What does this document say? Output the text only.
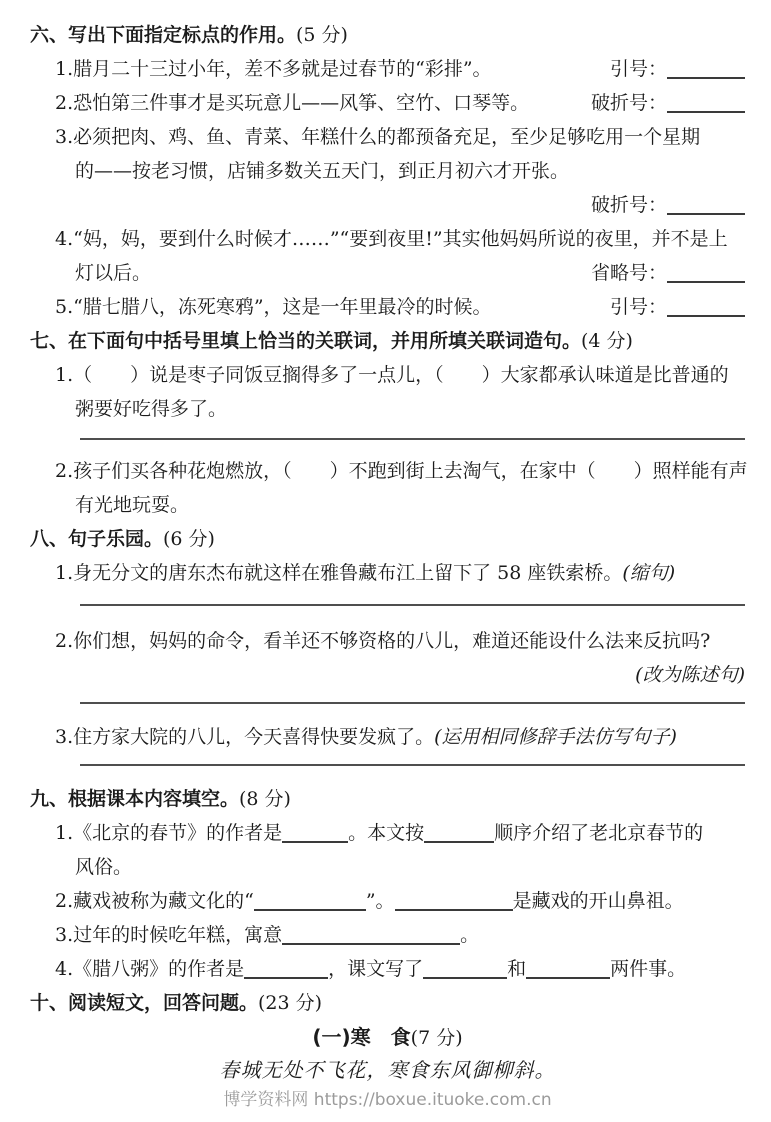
六、写出下面指定标点的作用。(5 分)
1.腊月二十三过小年，差不多就是过春节的“彩排”。	引号：
2.恐怕第三件事才是买玩意儿——风筝、空竹、口琴等。	破折号：
3.必须把肉、鸡、鱼、青菜、年糕什么的都预备充足，至少足够吃用一个星期
的——按老习惯，店铺多数关五天门，到正月初六才开张。
破折号：
4.“妈，妈，要到什么时候才……”“要到夜里!”其实他妈妈所说的夜里，并不是上
灯以后。	省略号：
5.“腊七腊八，冻死寒鸦”，这是一年里最冷的时候。	引号：
七、在下面句中括号里填上恰当的关联词，并用所填关联词造句。(4 分)
1.（　　）说是枣子同饭豆搁得多了一点儿，（　　）大家都承认味道是比普通的
粥要好吃得多了。
2.孩子们买各种花炮燃放，（　　）不跑到街上去淘气，在家中（　　）照样能有声
有光地玩耍。
八、句子乐园。(6 分)
1.身无分文的唐东杰布就这样在雅鲁藏布江上留下了 58 座铁索桥。(缩句)
2.你们想，妈妈的命令，看羊还不够资格的八儿，难道还能设什么法来反抗吗?
(改为陈述句)
3.住方家大院的八儿，今天喜得快要发疯了。(运用相同修辞手法仿写句子)
九、根据课本内容填空。(8 分)
1.《北京的春节》的作者是	。本文按	顺序介绍了老北京春节的
风俗。
2.藏戏被称为藏文化的“	”。	是藏戏的开山鼻祖。
3.过年的时候吃年糕，寓意	。
4.《腊八粥》的作者是	，课文写了	和	两件事。
十、阅读短文，回答问题。(23 分)
(一)寒　食(7 分)
春城无处不飞花，寒食东风御柳斜。
博学资料网 https://boxue.ituoke.com.cn
